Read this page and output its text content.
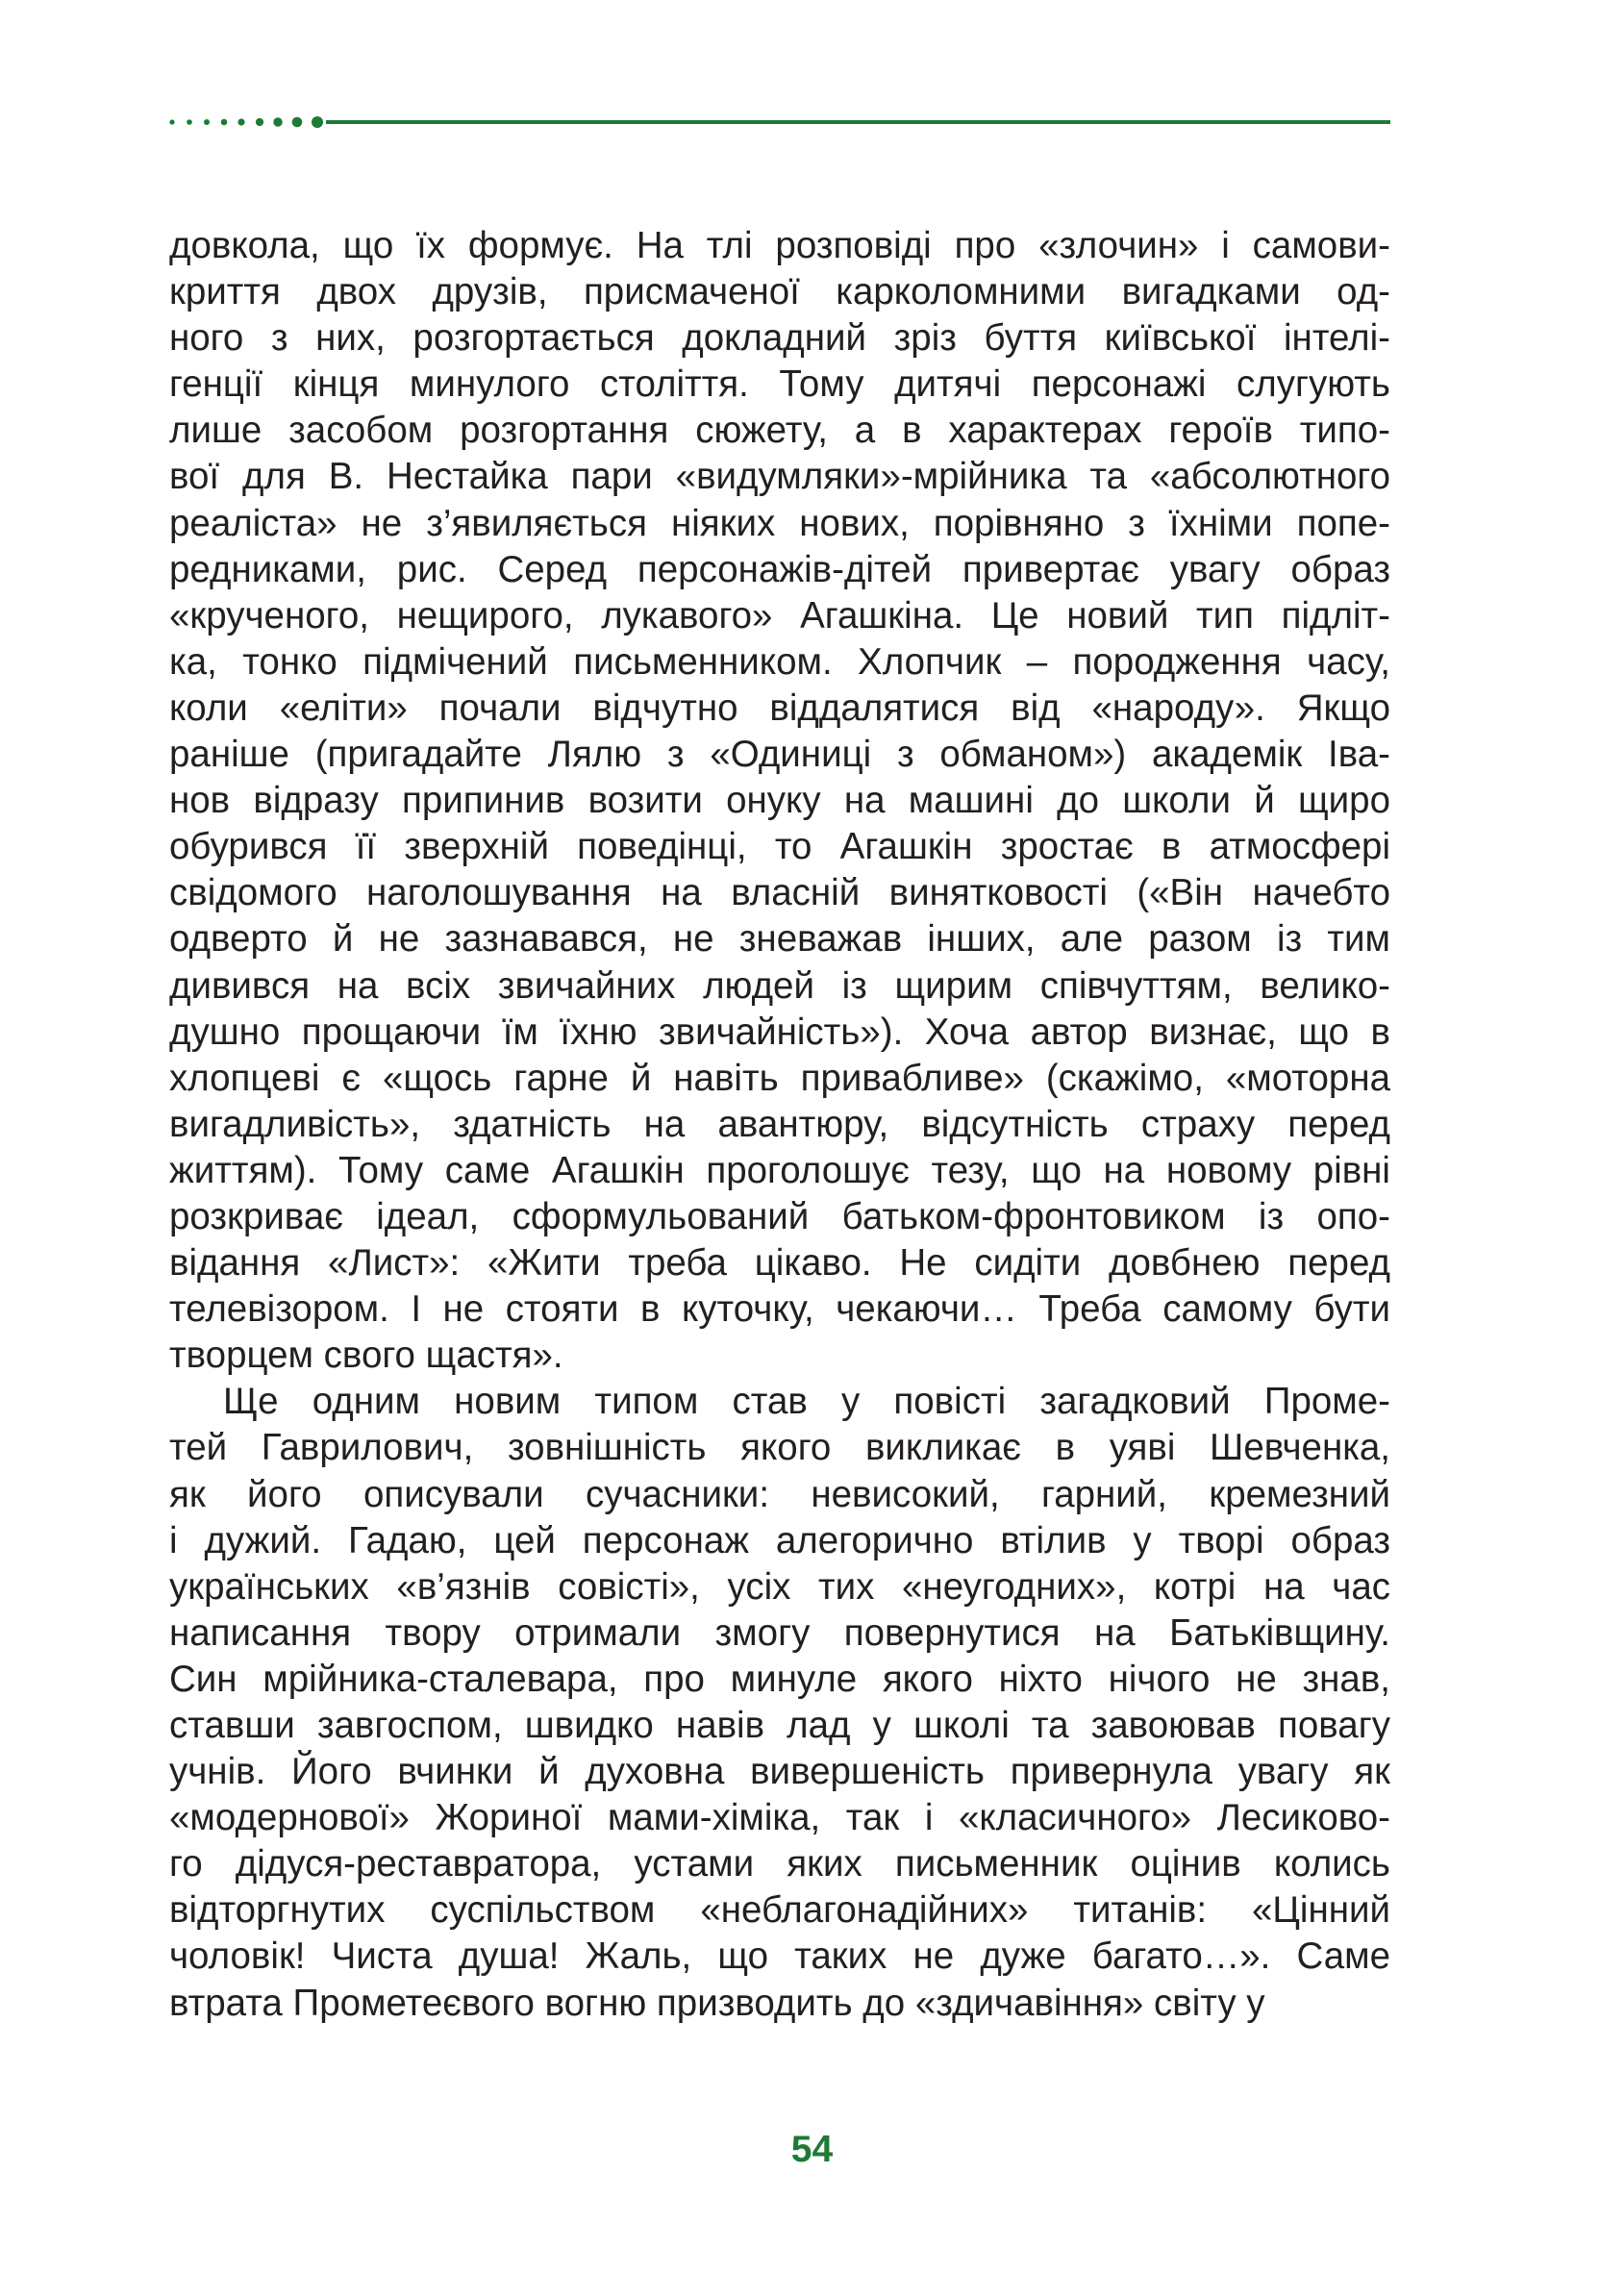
довкола, що їх формує. На тлі розповіді про «злочин» і самови-
криття двох друзів, присмаченої карколомними вигадками од-
ного з них, розгортається докладний зріз буття київської інтелі-
генції кінця минулого століття. Тому дитячі персонажі слугують
лише засобом розгортання сюжету, а в характерах героїв типо-
вої для В. Нестайка пари «видумляки»-мрійника та «абсолютного
реаліста» не з’явиляється ніяких нових, порівняно з їхніми попе-
редниками, рис. Серед персонажів-дітей привертає увагу образ
«крученого, нещирого, лукавого» Агашкіна. Це новий тип підліт-
ка, тонко підмічений письменником. Хлопчик – породження часу,
коли «еліти» почали відчутно віддалятися від «народу». Якщо
раніше (пригадайте Лялю з «Одиниці з обманом») академік Іва-
нов відразу припинив возити онуку на машині до школи й щиро
обурився її зверхній поведінці, то Агашкін зростає в атмосфері
свідомого наголошування на власній винятковості («Він начебто
одверто й не зазнавався, не зневажав інших, але разом із тим
дивився на всіх звичайних людей із щирим співчуттям, велико-
душно прощаючи їм їхню звичайність»). Хоча автор визнає, що в
хлопцеві є «щось гарне й навіть привабливе» (скажімо, «моторна
вигадливість», здатність на авантюру, відсутність страху перед
життям). Тому саме Агашкін проголошує тезу, що на новому рівні
розкриває ідеал, сформульований батьком-фронтовиком із опо-
відання «Лист»: «Жити треба цікаво. Не сидіти довбнею перед
телевізором. І не стояти в куточку, чекаючи… Треба самому бути
творцем свого щастя».
Ще одним новим типом став у повісті загадковий Проме-
тей Гаврилович, зовнішність якого викликає в уяві Шевченка,
як його описували сучасники: невисокий, гарний, кремезний
і дужий. Гадаю, цей персонаж алегорично втілив у творі образ
українських «в’язнів совісті», усіх тих «неугодних», котрі на час
написання твору отримали змогу повернутися на Батьківщину.
Син мрійника-сталевара, про минуле якого ніхто нічого не знав,
ставши завгоспом, швидко навів лад у школі та завоював повагу
учнів. Його вчинки й духовна вивершеність привернула увагу як
«модернової» Жориної мами-хіміка, так і «класичного» Лесиково-
го дідуся-реставратора, устами яких письменник оцінив колись
відторгнутих суспільством «неблагонадійних» титанів: «Цінний
чоловік! Чиста душа! Жаль, що таких не дуже багато…». Саме
втрата Прометеєвого вогню призводить до «здичавіння» світу у
54
